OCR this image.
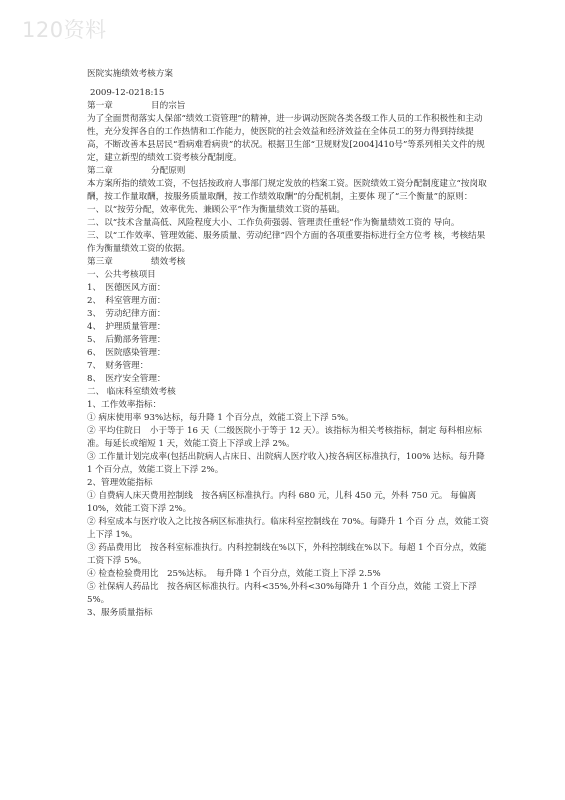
120资料

医院实施绩效考核方案

2009-12-0218:15

第一章	目的宗旨

为了全面贯彻落实人保部“绩效工资管理”的精神，进一步调动医院各类各级工作人员的工作积极性和主动性，充分发挥各自的工作热情和工作能力，使医院的社会效益和经济效益在全体员工的努力得到持续提高，不断改善本县居民“看病难看病贵”的状况。根据卫生部“卫规财发[2004]410号”等系列相关文件的规定，建立新型的绩效工资考核分配制度。

第二章	分配原则

本方案所指的绩效工资，不包括按政府人事部门规定发放的档案工资。医院绩效工资分配制度建立“按岗取酬，按工作量取酬，按服务质量取酬，按工作绩效取酬”的分配机制，主要体 现了“三个衡量”的原则：

一、以“按劳分配，效率优先、兼顾公平”作为衡量绩效工资的基础。

二、以“技术含量高低、风险程度大小、工作负荷强弱、管理责任重轻”作为衡量绩效工资的 导向。

三、以“工作效率、管理效能、服务质量、劳动纪律”四个方面的各项重要指标进行全方位考 核，考核结果作为衡量绩效工资的依据。

第三章	绩效考核

一、公共考核项目

1、　医德医风方面：

2、　科室管理方面：

3、　劳动纪律方面：

4、　护理质量管理：

5、　后勤部务管理：

6、　医院感染管理：

7、　财务管理：

8、　医疗安全管理：

二、 临床科室绩效考核

1、工作效率指标：

① 病床使用率 93%达标，每升降 1 个百分点，效能工资上下浮 5%。

② 平均住院日　小于等于 16 天（二级医院小于等于 12 天）。该指标为相关考核指标，制定 每科相应标准。每延长或缩短 1 天，效能工资上下浮或上浮 2%。

③ 工作量计划完成率(包括出院病人占床日、出院病人医疗收入)按各病区标准执行，100% 达标。每升降 1 个百分点，效能工资上下浮 2%。

2、管理效能指标

① 自费病人床天费用控制线　按各病区标准执行。内科 680 元，儿科 450 元，外科 750 元。 每偏离 10%，效能工资下浮 2%。

② 科室成本与医疗收入之比按各病区标准执行。临床科室控制线在 70%。每降升 1 个百 分 点，效能工资上下浮 1%。

③ 药品费用比　按各科室标准执行。内科控制线在%以下，外科控制线在%以下。每超 1 个百分点，效能工资下浮 5%。

④ 检查检验费用比　25%达标。　每升降 1 个百分点，效能工资上下浮 2.5%

⑤ 社保病人药品比　按各病区标准执行。内科<35%,外科<30%每降升 1 个百分点，效能 工资上下浮 5%。

3、服务质量指标
